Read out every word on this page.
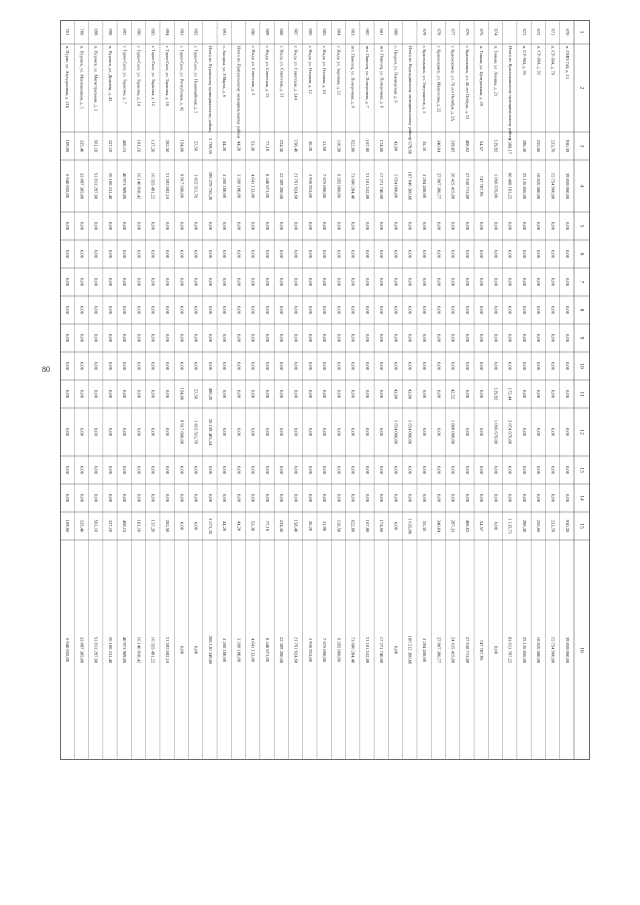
80
1
2
3
4
5
6
7
8
9
10
11
12
13
14
15
16
670
п. СМП-744, д. 15
930,39
39 859 000,00
0,00
0,00
0,00
0,00
0,00
0,00
0,00
0,00
0,00
0,00
930,20
39 859 000,00
671
п. СУ-904, д. 79
233,70
15 754 960,00
0,00
0,00
0,00
0,00
0,00
0,00
0,00
0,00
0,00
0,00
233,70
15 754 960,00
672
п. СУ-904, д. 92
255,60
18 826 580,00
0,00
0,00
0,00
0,00
0,00
0,00
0,00
0,00
0,00
0,00
255,60
18 826 580,00
673
п. СУ-904, д. 93
298,30
25 136 856,00
0,00
0,00
0,00
0,00
0,00
0,00
0,00
0,00
0,00
0,00
298,30
25 136 856,00
Итого по Краснокамскому муниципальному району
1 308,17
86 488 103,22
0,00
0,00
0,00
0,00
0,00
0,00
172,44
2 874 676,00
0,00
0,00
1 135,71
83 613 707,22
674
п. Тонкая, ул. Ленина, д. 23
129,92
1 066 676,00
0,00
0,00
0,00
0,00
0,00
0,00
129,92
1 066 676,00
0,00
0,00
0,00
0,00
675
п. Тонкая, ул. Центральная, д. 29
54,57
747 787,95
0,00
0,00
0,00
0,00
0,00
0,00
0,00
0,00
0,00
0,00
54,57
747 787,95
676
г. Краснокамск, ул. 40 лет Победы, д. 31
408,62
27 038 713,00
0,00
0,00
0,00
0,00
0,00
0,00
0,00
0,00
0,00
0,00
408,62
27 038 713,00
677
г. Краснокамск, ул. 70 лет Октября, д. 2А
339,85
26 415 415,00
0,00
0,00
0,00
0,00
0,00
0,00
42,52
1 808 000,00
0,00
0,00
297,33
24 615 415,00
678
г. Краснокамск, ул. Матросова, д. 32
340,04
27 907 300,77
0,00
0,00
0,00
0,00
0,00
0,00
0,00
0,00
0,00
0,00
340,04
27 907 300,77
679
г. Краснокамск, ул. Энтузиастов, д. 5
35,35
3 284 450,00
0,00
0,00
0,00
0,00
0,00
0,00
0,00
0,00
0,00
0,00
35,35
3 284 450,00
Итого по Надеждинскому муниципальному району
1 679,60
187 846 300,80
0,00
0,00
0,00
0,00
0,00
0,00
43,80
1 654 000,00
0,00
0,00
1 635,80
186 212 300,80
680
с. Ныдым, ул. Пионерская, д. 9
43,80
1 654 000,00
0,00
0,00
0,00
0,00
0,00
0,00
43,80
1 654 000,00
0,00
0,00
0,00
0,00
681
пгт. Павелец, ул. Поперечная, д. 6
174,60
17 271 740,00
0,00
0,00
0,00
0,00
0,00
0,00
0,00
0,00
0,00
0,00
174,60
17 271 740,00
682
пгт. Павелец, ул. Поперечная, д. 7
167,80
21 101 532,80
0,00
0,00
0,00
0,00
0,00
0,00
0,00
0,00
0,00
0,00
167,80
21 101 532,80
683
пгт. Павелец, ул. Поперечная, д. 8
622,00
73 600 284,40
0,00
0,00
0,00
0,00
0,00
0,00
0,00
0,00
0,00
0,00
622,00
73 600 284,40
684
г. Ныдь, ул. Заречная, д. 12
110,50
6 292 800,00
0,00
0,00
0,00
0,00
0,00
0,00
0,00
0,00
0,00
0,00
110,50
6 292 800,00
685
г. Ныдь, ул. Озерная, д. 10
31,90
7 676 800,00
0,00
0,00
0,00
0,00
0,00
0,00
0,00
0,00
0,00
0,00
31,90
7 676 800,00
686
г. Ныдь, ул. Озерная, д. 12
36,20
3 936 915,00
0,00
0,00
0,00
0,00
0,00
0,00
0,00
0,00
0,00
0,00
36,20
3 936 915,00
687
г. Ныдь, ул. Советская, д. 24А
158,40
21 761 924,60
0,00
0,00
0,00
0,00
0,00
0,00
0,00
0,00
0,00
0,00
158,40
21 761 924,60
688
г. Ныдь, ул. Советская, д. 31
224,30
22 309 200,00
0,00
0,00
0,00
0,00
0,00
0,00
0,00
0,00
0,00
0,00
224,30
22 309 200,00
689
г. Ныдь, ул. Советская, д. 33
77,10
8 348 871,00
0,00
0,00
0,00
0,00
0,00
0,00
0,00
0,00
0,00
0,00
77,10
8 348 871,00
690
г. Ныдь, ул. Советская, д. 2
53,30
4 641 133,00
0,00
0,00
0,00
0,00
0,00
0,00
0,00
0,00
0,00
0,00
53,30
4 641 133,00
Итого по Приуральскому муниципальному району
44,20
3 260 180,00
0,00
0,00
0,00
0,00
0,00
0,00
0,00
0,00
0,00
0,00
44,20
3 260 180,00
691
с. Аксарка, ул. 8 Марта, д. 6
44,20
3 260 180,00
0,00
0,00
0,00
0,00
0,00
0,00
0,00
0,00
0,00
0,00
44,20
3 260 180,00
Итого по Пуровскому муниципальному району
3 769,55
296 279 755,20
0,00
0,00
0,00
0,00
0,00
0,00
496,20
28 159 403,34
0,00
0,00
3 273,35
268 120 349,86
692
г. Тарко-Сале, ул. Первомайская, д. 5
27,50
1 815 511,70
0,00
0,00
0,00
0,00
0,00
0,00
27,50
1 815 511,70
0,00
0,00
0,00
0,00
693
г. Тарко-Сале, ул. Республики, д. 42
154,00
9 917 600,00
0,00
0,00
0,00
0,00
0,00
0,00
154,00
9 917 600,00
0,00
0,00
0,00
0,00
694
г. Тарко-Сале, ул. Тарасова, д. 10
282,50
21 592 082,16
0,00
0,00
0,00
0,00
0,00
0,00
0,00
0,00
0,00
0,00
282,50
21 592 082,16
695
г. Тарко-Сале, ул. Тарасова, д. 12
137,20
16 355 491,22
0,00
0,00
0,00
0,00
0,00
0,00
0,00
0,00
0,00
0,00
137,20
16 355 491,22
696
г. Тарко-Сале, ул. Тарасова, д. 14
181,10
16 140 918,42
0,00
0,00
0,00
0,00
0,00
0,00
0,00
0,00
0,00
0,00
181,10
16 140 918,42
697
г. Тарко-Сале, ул. Тарасова, д. 7
468,15
40 973 909,00
0,00
0,00
0,00
0,00
0,00
0,00
0,00
0,00
0,00
0,00
468,15
40 973 909,00
698
п. Пуровск, ул. Дежнёва, д. 43
327,10
26 168 331,46
0,00
0,00
0,00
0,00
0,00
0,00
0,00
0,00
0,00
0,00
327,10
26 168 331,46
699
п. Пуровск, ул. Магистральная, д. 3
561,10
51 813 297,60
0,00
0,00
0,00
0,00
0,00
0,00
0,00
0,00
0,00
0,00
561,10
51 813 297,60
700
п. Пуровск, ул. Монтажников, д. 5
335,40
33 897 385,00
0,00
0,00
0,00
0,00
0,00
0,00
0,00
0,00
0,00
0,00
335,40
33 897 385,00
701
п. Пурпе, ул. Аэродромная, д. 21Б
109,60
6 940 855,00
0,00
0,00
0,00
0,00
0,00
0,00
0,00
0,00
0,00
0,00
109,60
6 940 855,00
